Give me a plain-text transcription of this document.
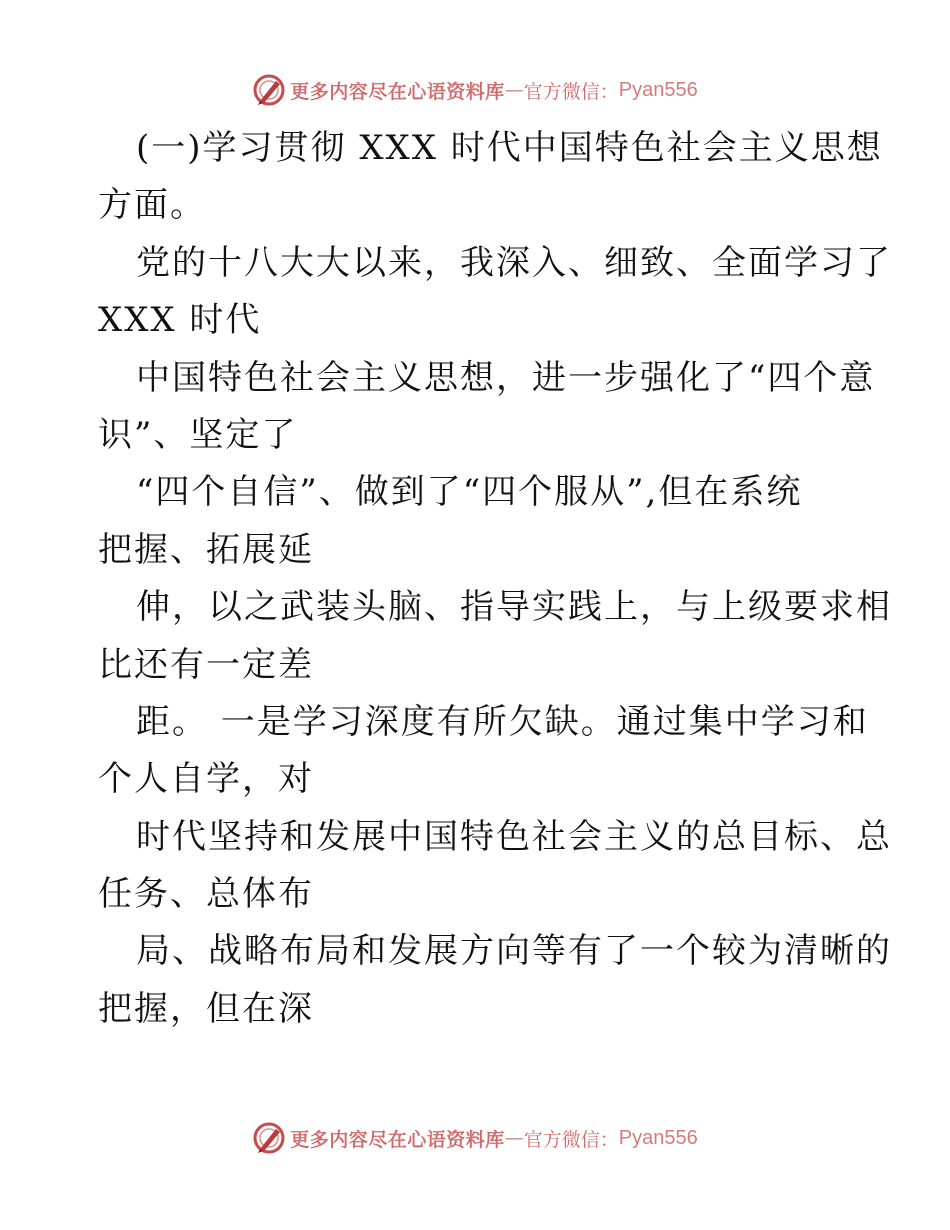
更多内容尽在心语资料库 — 官方微信： Pyan556
(一)学习贯彻 XXX 时代中国特色社会主义思想
方面。
党的十八大大以来，我深入、细致、全面学习了
XXX 时代
中国特色社会主义思想，进一步强化了“四个意
识”、坚定了
“四个自信”、做到了“四个服从”,但在系统
把握、拓展延
伸，以之武装头脑、指导实践上，与上级要求相
比还有一定差
距。 一是学习深度有所欠缺。通过集中学习和
个人自学，对
时代坚持和发展中国特色社会主义的总目标、总
任务、总体布
局、战略布局和发展方向等有了一个较为清晰的
把握，但在深
更多内容尽在心语资料库 — 官方微信： Pyan556
